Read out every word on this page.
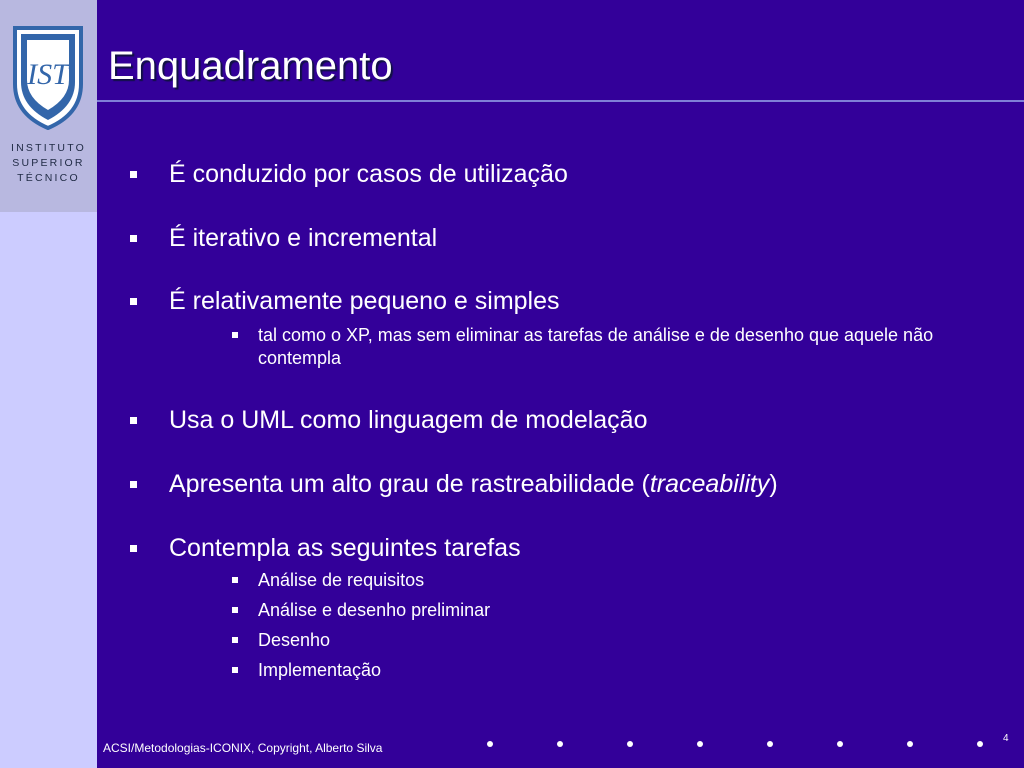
IST
INSTITUTO
SUPERIOR
TÉCNICO
Enquadramento
É conduzido por casos de utilização
É iterativo e incremental
É relativamente pequeno e simples
tal como o XP, mas sem eliminar as tarefas de análise e de desenho que aquele não contempla
Usa o UML como linguagem de modelação
Apresenta um alto grau de rastreabilidade (traceability)
Contempla as seguintes tarefas
Análise de requisitos
Análise e desenho preliminar
Desenho
Implementação
ACSI/Metodologias-ICONIX, Copyright, Alberto Silva
4
